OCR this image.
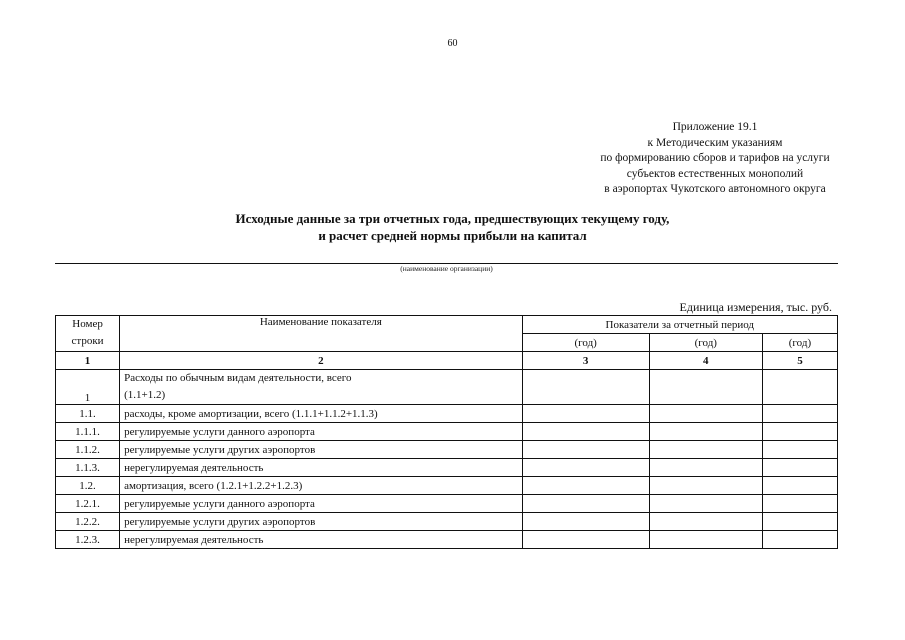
60
Приложение 19.1
к Методическим указаниям
по формированию сборов и тарифов на услуги
субъектов естественных монополий
в аэропортах Чукотского автономного округа
Исходные данные за три отчетных года, предшествующих текущему году,
и расчет средней нормы прибыли на капитал
(наименование организации)
Единица измерения, тыс. руб.
Номер
строки	Наименование показателя	Показатели за отчетный период		
		(год)	(год)	(год)
1	2	3	4	5
1	Расходы по обычным видам деятельности, всего
(1.1+1.2)			

1.1.	расходы, кроме амортизации, всего (1.1.1+1.1.2+1.1.3)			
1.1.1.	регулируемые услуги данного аэропорта			
1.1.2.	регулируемые услуги других аэропортов			
1.1.3.	нерегулируемая деятельность			
1.2.	амортизация, всего (1.2.1+1.2.2+1.2.3)			
1.2.1.	регулируемые услуги данного аэропорта			
1.2.2.	регулируемые услуги других аэропортов			
1.2.3.	нерегулируемая деятельность			
